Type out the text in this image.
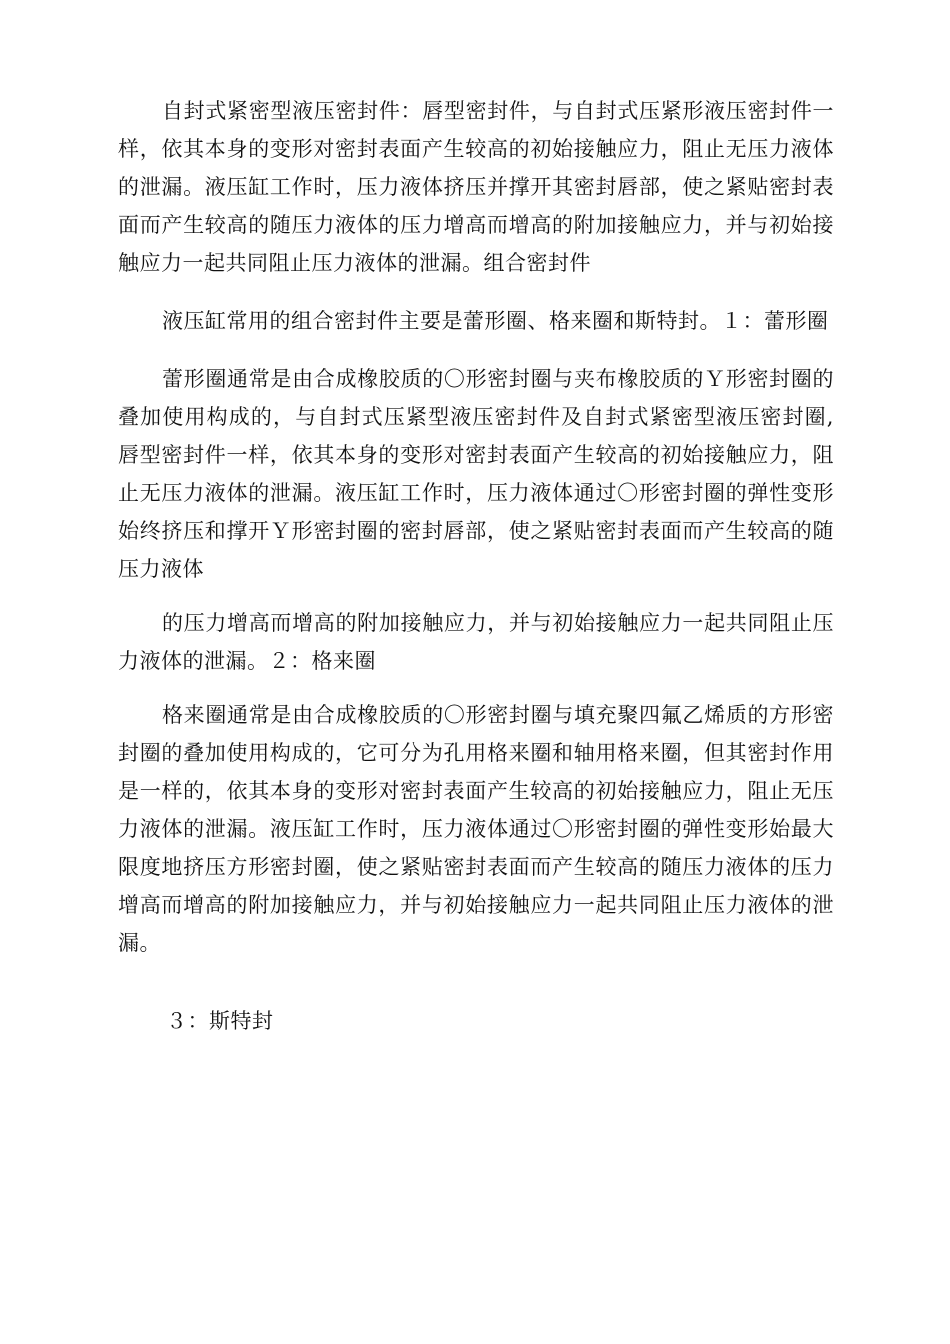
自封式紧密型液压密封件：唇型密封件，与自封式压紧形液压密封件一样，依其本身的变形对密封表面产生较高的初始接触应力，阻止无压力液体的泄漏。液压缸工作时，压力液体挤压并撑开其密封唇部，使之紧贴密封表面而产生较高的随压力液体的压力增高而增高的附加接触应力，并与初始接触应力一起共同阻止压力液体的泄漏。组合密封件

液压缸常用的组合密封件主要是蕾形圈、格来圈和斯特封。１：蕾形圈

蕾形圈通常是由合成橡胶质的〇形密封圈与夹布橡胶质的Ｙ形密封圈的叠加使用构成的，与自封式压紧型液压密封件及自封式紧密型液压密封圈,唇型密封件一样，依其本身的变形对密封表面产生较高的初始接触应力，阻止无压力液体的泄漏。液压缸工作时，压力液体通过〇形密封圈的弹性变形始终挤压和撑开Ｙ形密封圈的密封唇部，使之紧贴密封表面而产生较高的随压力液体

的压力增高而增高的附加接触应力，并与初始接触应力一起共同阻止压力液体的泄漏。２：格来圈

格来圈通常是由合成橡胶质的〇形密封圈与填充聚四氟乙烯质的方形密封圈的叠加使用构成的，它可分为孔用格来圈和轴用格来圈，但其密封作用是一样的，依其本身的变形对密封表面产生较高的初始接触应力，阻止无压力液体的泄漏。液压缸工作时，压力液体通过〇形密封圈的弹性变形始最大限度地挤压方形密封圈，使之紧贴密封表面而产生较高的随压力液体的压力增高而增高的附加接触应力，并与初始接触应力一起共同阻止压力液体的泄漏。

３：斯特封
